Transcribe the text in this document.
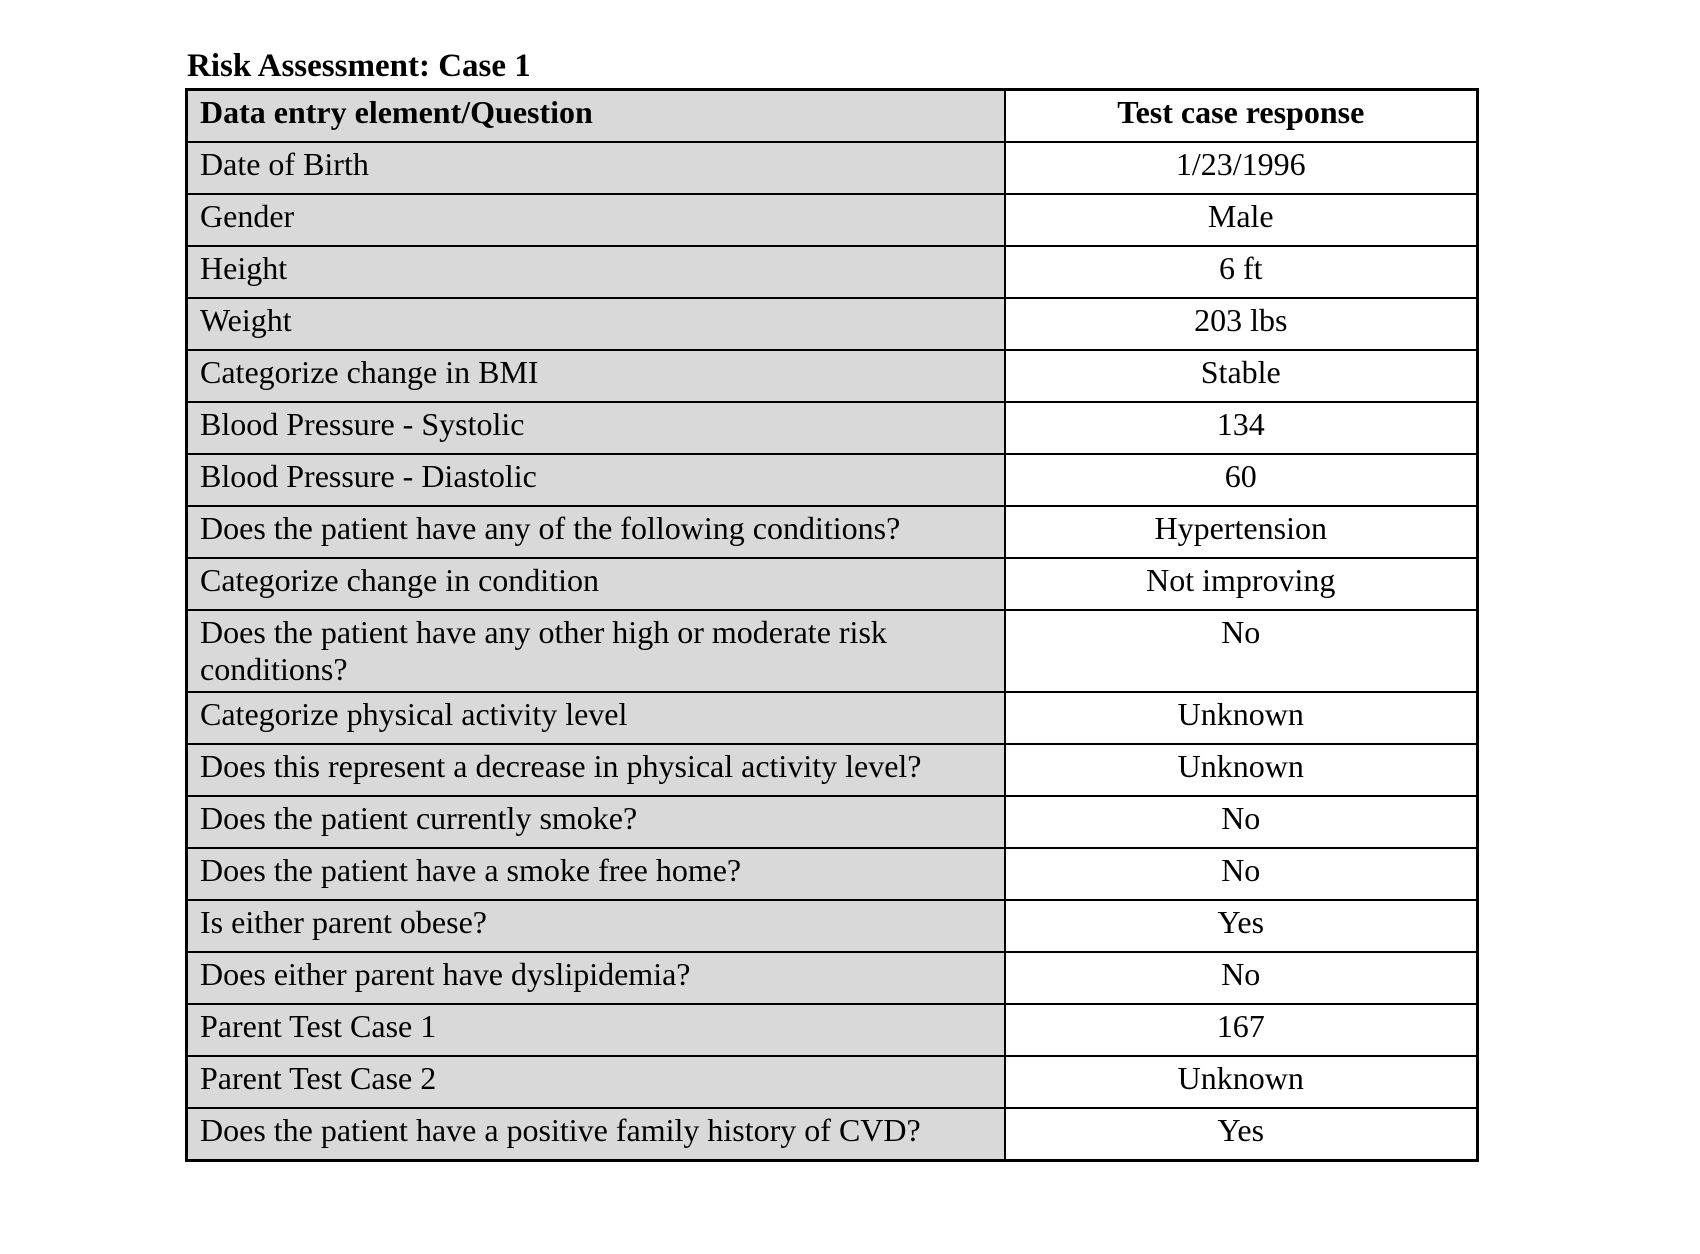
Risk Assessment: Case 1
Data entry element/Question	Test case response
Date of Birth	1/23/1996
Gender	Male
Height	6 ft
Weight	203 lbs
Categorize change in BMI	Stable
Blood Pressure - Systolic	134
Blood Pressure - Diastolic	60
Does the patient have any of the following conditions?	Hypertension
Categorize change in condition	Not improving
Does the patient have any other high or moderate risk conditions?	No
Categorize physical activity level	Unknown
Does this represent a decrease in physical activity level?	Unknown
Does the patient currently smoke?	No
Does the patient have a smoke free home?	No
Is either parent obese?	Yes
Does either parent have dyslipidemia?	No
Parent Test Case 1	167
Parent Test Case 2	Unknown
Does the patient have a positive family history of CVD?	Yes
